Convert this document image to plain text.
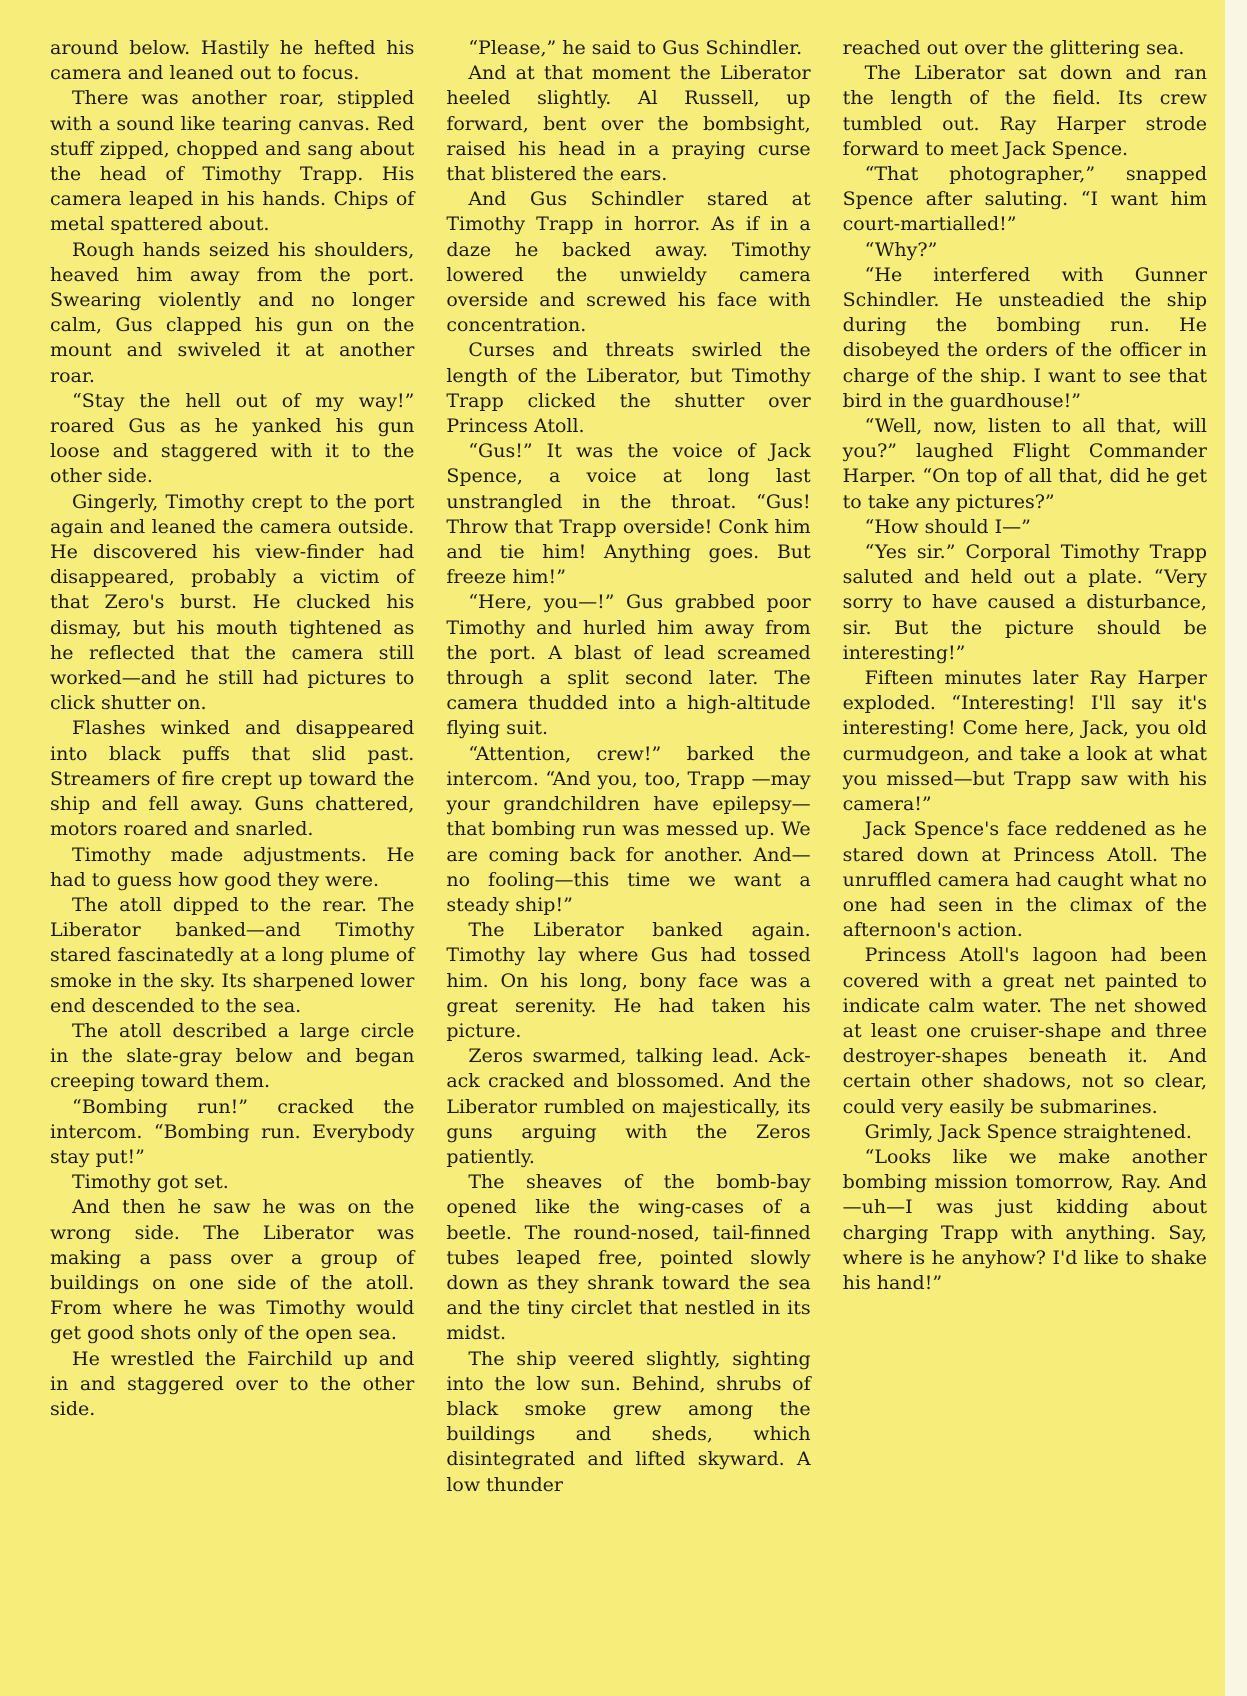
around below. Hastily he hefted his camera and leaned out to focus.

There was another roar, stippled with a sound like tearing canvas. Red stuff zipped, chopped and sang about the head of Timothy Trapp. His camera leaped in his hands. Chips of metal spattered about.

Rough hands seized his shoulders, heaved him away from the port. Swearing violently and no longer calm, Gus clapped his gun on the mount and swiveled it at another roar.

“Stay the hell out of my way!” roared Gus as he yanked his gun loose and staggered with it to the other side.

Gingerly, Timothy crept to the port again and leaned the camera outside. He discovered his view-finder had disappeared, probably a victim of that Zero's burst. He clucked his dismay, but his mouth tightened as he reflected that the camera still worked—and he still had pictures to click shutter on.

Flashes winked and disappeared into black puffs that slid past. Streamers of fire crept up toward the ship and fell away. Guns chattered, motors roared and snarled.

Timothy made adjustments. He had to guess how good they were.

The atoll dipped to the rear. The Liberator banked—and Timothy stared fascinatedly at a long plume of smoke in the sky. Its sharpened lower end descended to the sea.

The atoll described a large circle in the slate-gray below and began creeping toward them.

“Bombing run!” cracked the intercom. “Bombing run. Everybody stay put!”

Timothy got set.

And then he saw he was on the wrong side. The Liberator was making a pass over a group of buildings on one side of the atoll. From where he was Timothy would get good shots only of the open sea.

He wrestled the Fairchild up and in and staggered over to the other side.

“Please,” he said to Gus Schindler.

And at that moment the Liberator heeled slightly. Al Russell, up forward, bent over the bombsight, raised his head in a praying curse that blistered the ears.

And Gus Schindler stared at Timothy Trapp in horror. As if in a daze he backed away. Timothy lowered the unwieldy camera overside and screwed his face with concentration.

Curses and threats swirled the length of the Liberator, but Timothy Trapp clicked the shutter over Princess Atoll.

“Gus!” It was the voice of Jack Spence, a voice at long last unstrangled in the throat. “Gus! Throw that Trapp overside! Conk him and tie him! Anything goes. But freeze him!”

“Here, you—!” Gus grabbed poor Timothy and hurled him away from the port. A blast of lead screamed through a split second later. The camera thudded into a high-altitude flying suit.

“Attention, crew!” barked the intercom. “And you, too, Trapp —may your grandchildren have epilepsy—that bombing run was messed up. We are coming back for another. And—no fooling—this time we want a steady ship!”

The Liberator banked again. Timothy lay where Gus had tossed him. On his long, bony face was a great serenity. He had taken his picture.

Zeros swarmed, talking lead. Ack-ack cracked and blossomed. And the Liberator rumbled on majestically, its guns arguing with the Zeros patiently.

The sheaves of the bomb-bay opened like the wing-cases of a beetle. The round-nosed, tail-finned tubes leaped free, pointed slowly down as they shrank toward the sea and the tiny circlet that nestled in its midst.

The ship veered slightly, sighting into the low sun. Behind, shrubs of black smoke grew among the buildings and sheds, which disintegrated and lifted skyward. A low thunder

reached out over the glittering sea.

The Liberator sat down and ran the length of the field. Its crew tumbled out. Ray Harper strode forward to meet Jack Spence.

“That photographer,” snapped Spence after saluting. “I want him court-martialled!”

“Why?”

“He interfered with Gunner Schindler. He unsteadied the ship during the bombing run. He disobeyed the orders of the officer in charge of the ship. I want to see that bird in the guardhouse!”

“Well, now, listen to all that, will you?” laughed Flight Commander Harper. “On top of all that, did he get to take any pictures?”

“How should I—”

“Yes sir.” Corporal Timothy Trapp saluted and held out a plate. “Very sorry to have caused a disturbance, sir. But the picture should be interesting!”

Fifteen minutes later Ray Harper exploded. “Interesting! I'll say it's interesting! Come here, Jack, you old curmudgeon, and take a look at what you missed—but Trapp saw with his camera!”

Jack Spence's face reddened as he stared down at Princess Atoll. The unruffled camera had caught what no one had seen in the climax of the afternoon's action.

Princess Atoll's lagoon had been covered with a great net painted to indicate calm water. The net showed at least one cruiser-shape and three destroyer-shapes beneath it. And certain other shadows, not so clear, could very easily be submarines.

Grimly, Jack Spence straightened.

“Looks like we make another bombing mission tomorrow, Ray. And—uh—I was just kidding about charging Trapp with anything. Say, where is he anyhow? I'd like to shake his hand!”
